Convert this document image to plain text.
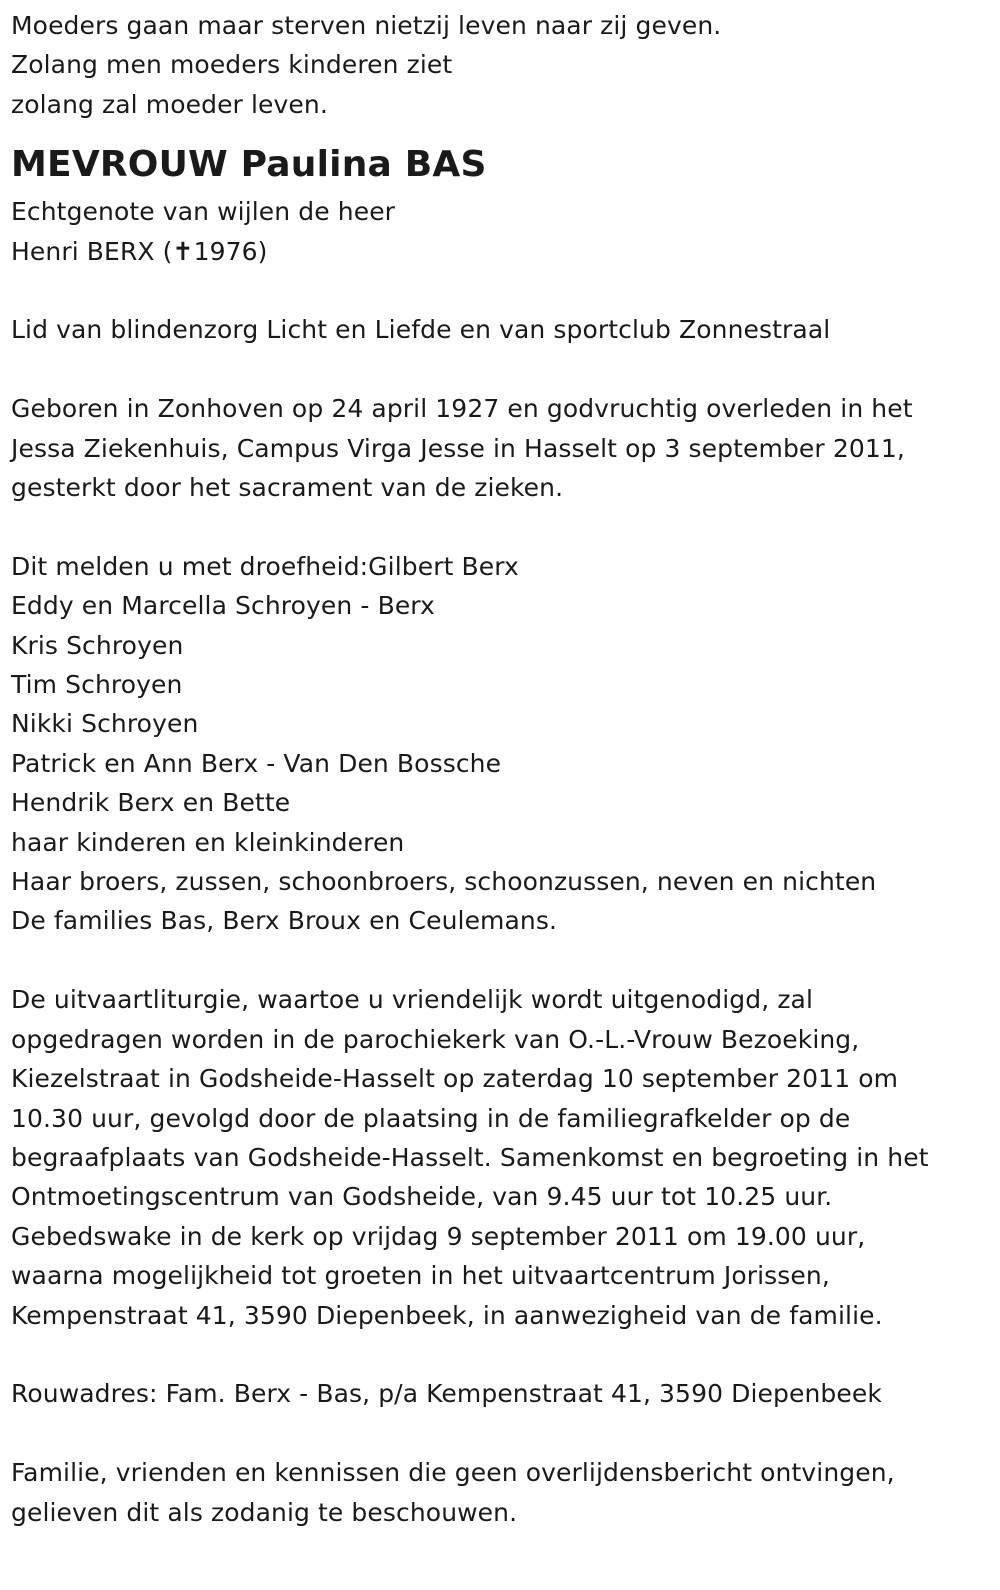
Moeders gaan maar sterven nietzij leven naar zij geven.
Zolang men moeders kinderen ziet
zolang zal moeder leven.
MEVROUW Paulina BAS
Echtgenote van wijlen de heer
Henri BERX (✝1976)
Lid van blindenzorg Licht en Liefde en van sportclub Zonnestraal
Geboren in Zonhoven op 24 april 1927 en godvruchtig overleden in het
Jessa Ziekenhuis, Campus Virga Jesse in Hasselt op 3 september 2011,
gesterkt door het sacrament van de zieken.
Dit melden u met droefheid:Gilbert Berx
Eddy en Marcella Schroyen - Berx
Kris Schroyen
Tim Schroyen
Nikki Schroyen
Patrick en Ann Berx - Van Den Bossche
Hendrik Berx en Bette
haar kinderen en kleinkinderen
Haar broers, zussen, schoonbroers, schoonzussen, neven en nichten
De families Bas, Berx Broux en Ceulemans.
De uitvaartliturgie, waartoe u vriendelijk wordt uitgenodigd, zal
opgedragen worden in de parochiekerk van O.-L.-Vrouw Bezoeking,
Kiezelstraat in Godsheide-Hasselt op zaterdag 10 september 2011 om
10.30 uur, gevolgd door de plaatsing in de familiegrafkelder op de
begraafplaats van Godsheide-Hasselt. Samenkomst en begroeting in het
Ontmoetingscentrum van Godsheide, van 9.45 uur tot 10.25 uur.
Gebedswake in de kerk op vrijdag 9 september 2011 om 19.00 uur,
waarna mogelijkheid tot groeten in het uitvaartcentrum Jorissen,
Kempenstraat 41, 3590 Diepenbeek, in aanwezigheid van de familie.
Rouwadres: Fam. Berx - Bas, p/a Kempenstraat 41, 3590 Diepenbeek
Familie, vrienden en kennissen die geen overlijdensbericht ontvingen,
gelieven dit als zodanig te beschouwen.
